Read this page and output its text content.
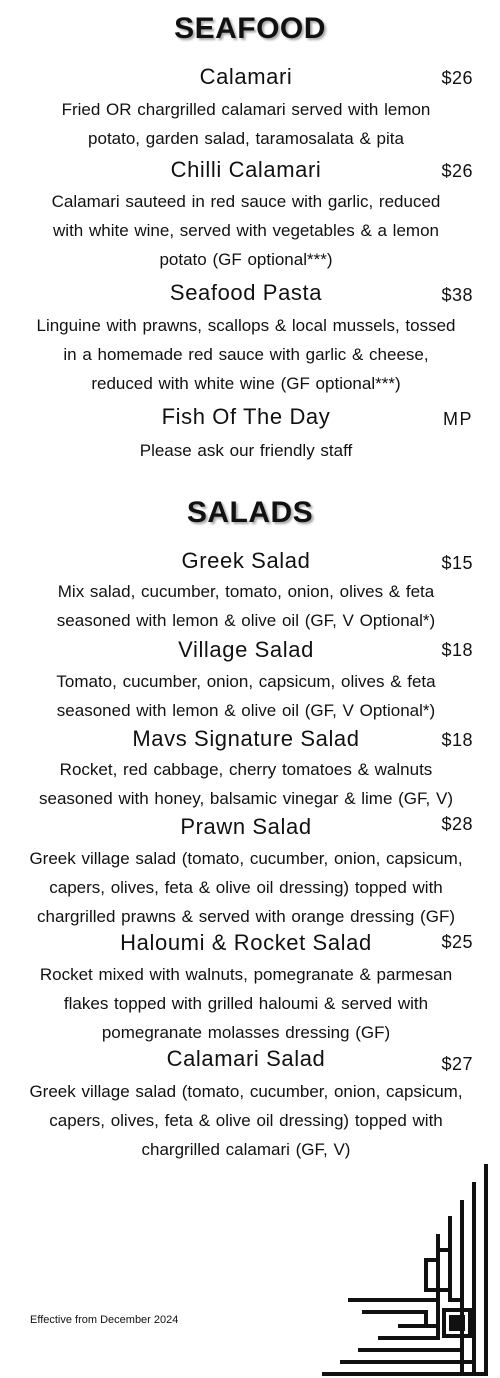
SEAFOOD
Calamari	$26
Fried OR chargrilled calamari served with lemon
potato, garden salad, taramosalata & pita
Chilli Calamari	$26
Calamari sauteed in red sauce with garlic, reduced
with white wine, served with vegetables & a lemon
potato (GF optional***)
Seafood Pasta	$38
Linguine with prawns, scallops & local mussels, tossed
in a homemade red sauce with garlic & cheese,
reduced with white wine (GF optional***)
Fish Of The Day	MP
Please ask our friendly staff
SALADS
Greek Salad	$15
Mix salad, cucumber, tomato, onion, olives & feta
seasoned with lemon & olive oil (GF, V Optional*)
Village Salad	$18
Tomato, cucumber, onion, capsicum, olives & feta
seasoned with lemon & olive oil (GF, V Optional*)
Mavs Signature Salad	$18
Rocket, red cabbage, cherry tomatoes & walnuts
seasoned with honey, balsamic vinegar & lime (GF, V)
Prawn Salad	$28
Greek village salad (tomato, cucumber, onion, capsicum,
capers, olives, feta & olive oil dressing) topped with
chargrilled prawns & served with orange dressing (GF)
Haloumi & Rocket Salad	$25
Rocket mixed with walnuts, pomegranate & parmesan
flakes topped with grilled haloumi & served with
pomegranate molasses dressing (GF)
Calamari Salad	$27
Greek village salad (tomato, cucumber, onion, capsicum,
capers, olives, feta & olive oil dressing) topped with
chargrilled calamari (GF, V)
Effective from December 2024
